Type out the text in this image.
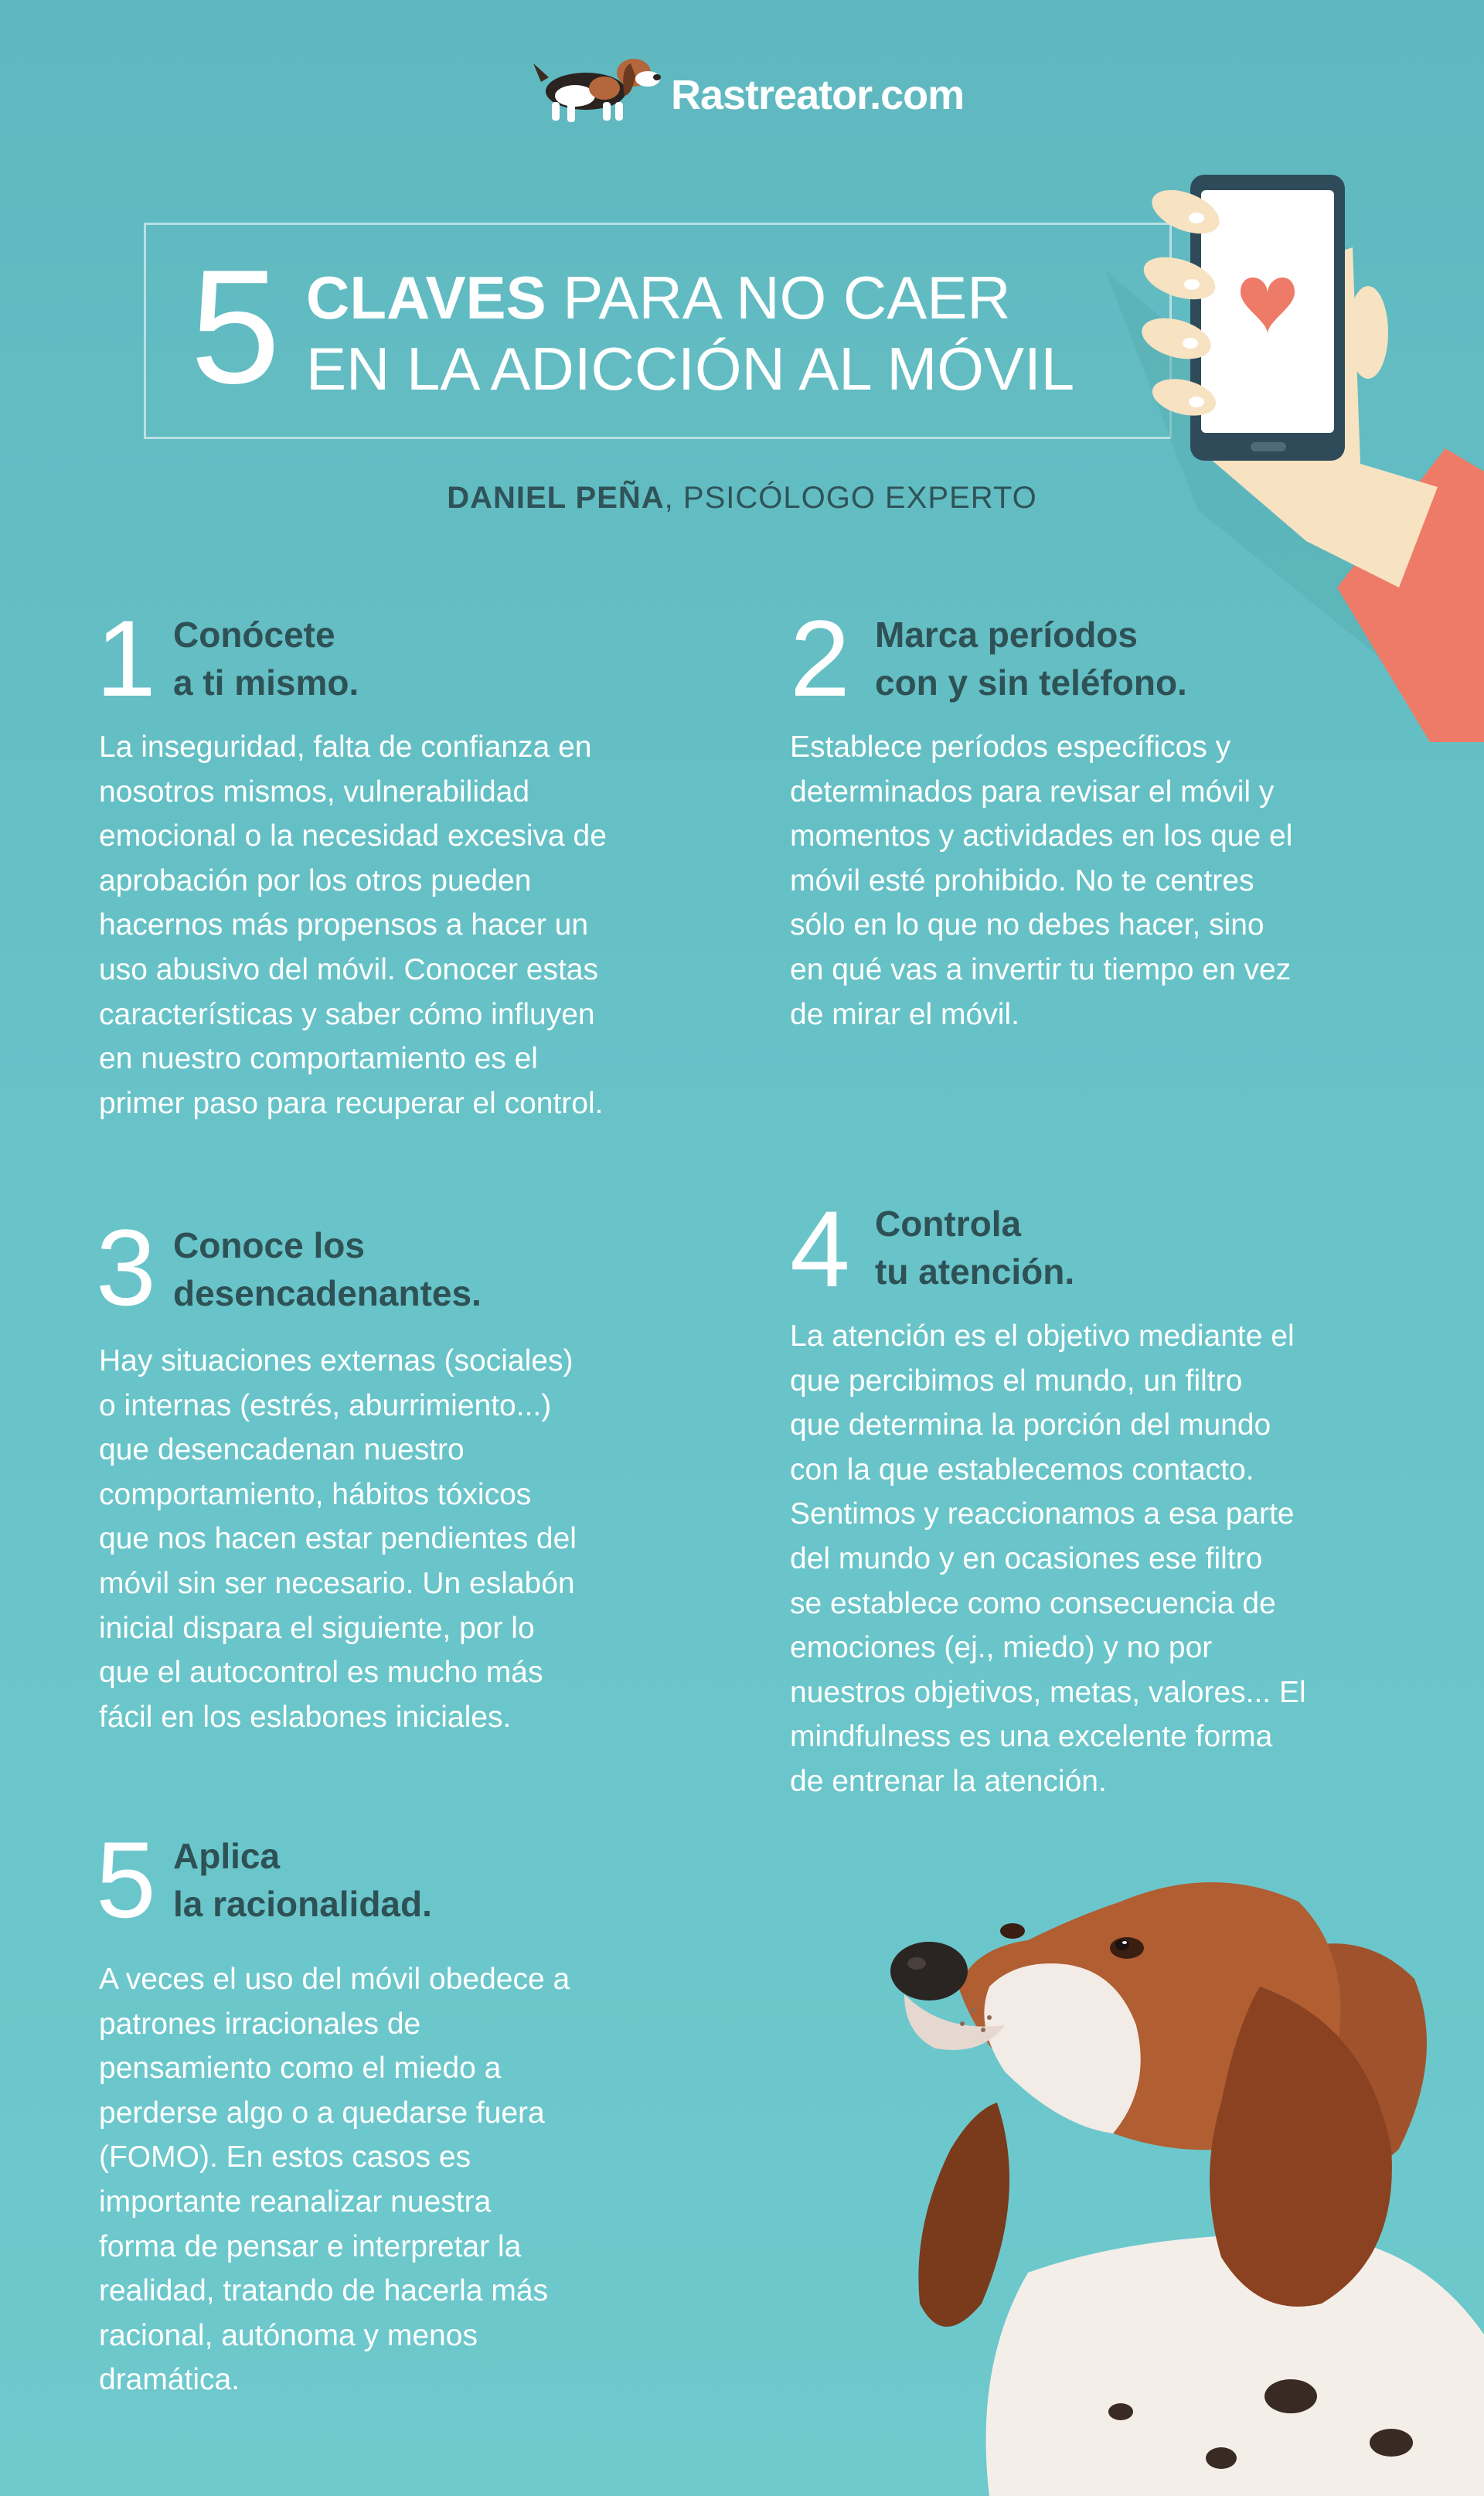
Rastreator.com
5 CLAVES PARA NO CAER
EN LA ADICCIÓN AL MÓVIL
DANIEL PEÑA, PSICÓLOGO EXPERTO
1 Conócete
a ti mismo.
La inseguridad, falta de confianza en
nosotros mismos, vulnerabilidad
emocional o la necesidad excesiva de
aprobación por los otros pueden
hacernos más propensos a hacer un
uso abusivo del móvil. Conocer estas
características y saber cómo influyen
en nuestro comportamiento es el
primer paso para recuperar el control.
2 Marca períodos
con y sin teléfono.
Establece períodos específicos y
determinados para revisar el móvil y
momentos y actividades en los que el
móvil esté prohibido. No te centres
sólo en lo que no debes hacer, sino
en qué vas a invertir tu tiempo en vez
de mirar el móvil.
3 Conoce los
desencadenantes.
Hay situaciones externas (sociales)
o internas (estrés, aburrimiento...)
que desencadenan nuestro
comportamiento, hábitos tóxicos
que nos hacen estar pendientes del
móvil sin ser necesario. Un eslabón
inicial dispara el siguiente, por lo
que el autocontrol es mucho más
fácil en los eslabones iniciales.
4 Controla
tu atención.
La atención es el objetivo mediante el
que percibimos el mundo, un filtro
que determina la porción del mundo
con la que establecemos contacto.
Sentimos y reaccionamos a esa parte
del mundo y en ocasiones ese filtro
se establece como consecuencia de
emociones (ej., miedo) y no por
nuestros objetivos, metas, valores... El
mindfulness es una excelente forma
de entrenar la atención.
5 Aplica
la racionalidad.
A veces el uso del móvil obedece a
patrones irracionales de
pensamiento como el miedo a
perderse algo o a quedarse fuera
(FOMO). En estos casos es
importante reanalizar nuestra
forma de pensar e interpretar la
realidad, tratando de hacerla más
racional, autónoma y menos
dramática.
